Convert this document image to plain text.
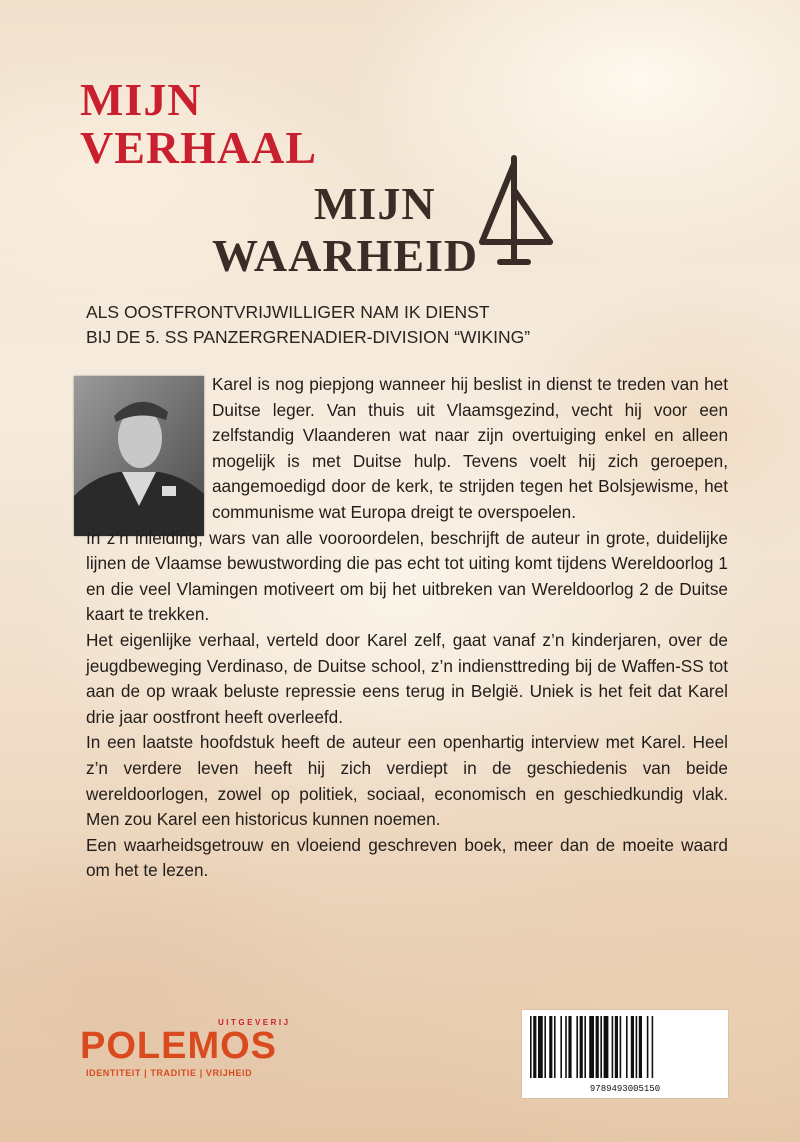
MIJN
VERHAAL
MIJN
WAARHEID
ALS OOSTFRONTVRIJWILLIGER NAM IK DIENST
BIJ DE 5. SS PANZERGRENADIER-DIVISION “WIKING”

Karel is nog piepjong wanneer hij beslist in dienst te treden van het Duitse leger. Van thuis uit Vlaamsgezind, vecht hij voor een zelfstandig Vlaanderen wat naar zijn overtuiging enkel en alleen mogelijk is met Duitse hulp. Tevens voelt hij zich geroepen, aangemoedigd door de kerk, te strijden tegen het Bolsjewisme, het communisme wat Europa dreigt te overspoelen.

In z’n inleiding, wars van alle vooroordelen, beschrijft de auteur in grote, duidelijke lijnen de Vlaamse bewustwording die pas echt tot uiting komt tijdens Wereldoorlog 1 en die veel Vlamingen motiveert om bij het uitbreken van Wereldoorlog 2 de Duitse kaart te trekken.

Het eigenlijke verhaal, verteld door Karel zelf, gaat vanaf z’n kinderjaren, over de jeugdbeweging Verdinaso, de Duitse school, z’n indiensttreding bij de Waffen-SS tot aan de op wraak beluste repressie eens terug in België. Uniek is het feit dat Karel drie jaar oostfront heeft overleefd.

In een laatste hoofdstuk heeft de auteur een openhartig interview met Karel. Heel z’n verdere leven heeft hij zich verdiept in de geschiedenis van beide wereldoorlogen, zowel op politiek, sociaal, economisch en geschiedkundig vlak. Men zou Karel een historicus kunnen noemen.

Een waarheidsgetrouw en vloeiend geschreven boek, meer dan de moeite waard om het te lezen.

UITGEVERIJ
POLEMOS
IDENTITEIT | TRADITIE | VRIJHEID
9789493005150
